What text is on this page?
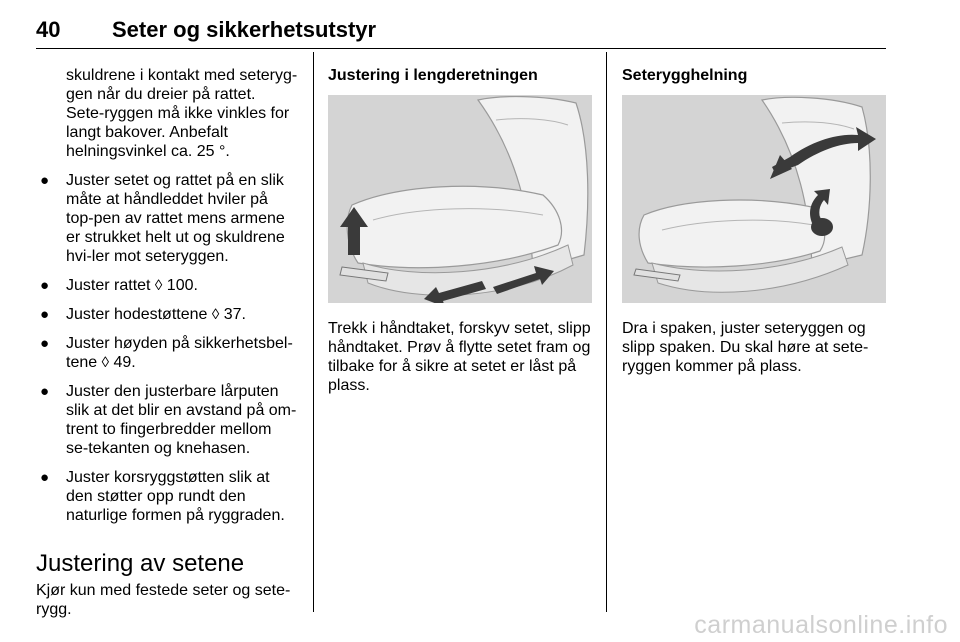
40 Seter og sikkerhetsutstyr

skuldrene i kontakt med seteryg-gen når du dreier på rattet. Sete-ryggen må ikke vinkles for langt bakover. Anbefalt helningsvinkel ca. 25 °.

● Juster setet og rattet på en slik måte at håndleddet hviler på top-pen av rattet mens armene er strukket helt ut og skuldrene hvi-ler mot seteryggen.
● Juster rattet ◊ 100.
● Juster hodestøttene ◊ 37.
● Juster høyden på sikkerhetsbel-tene ◊ 49.
● Juster den justerbare lårputen slik at det blir en avstand på om-trent to fingerbredder mellom se-tekanten og knehasen.
● Juster korsryggstøtten slik at den støtter opp rundt den naturlige formen på ryggraden.
Justering av setene

Kjør kun med festede seter og sete-rygg.

Justering i lengderetningen

Trekk i håndtaket, forskyv setet, slipp håndtaket. Prøv å flytte setet fram og tilbake for å sikre at setet er låst på plass.

Seterygghelning

Dra i spaken, juster seteryggen og slipp spaken. Du skal høre at sete-ryggen kommer på plass.

carmanualsonline.info
